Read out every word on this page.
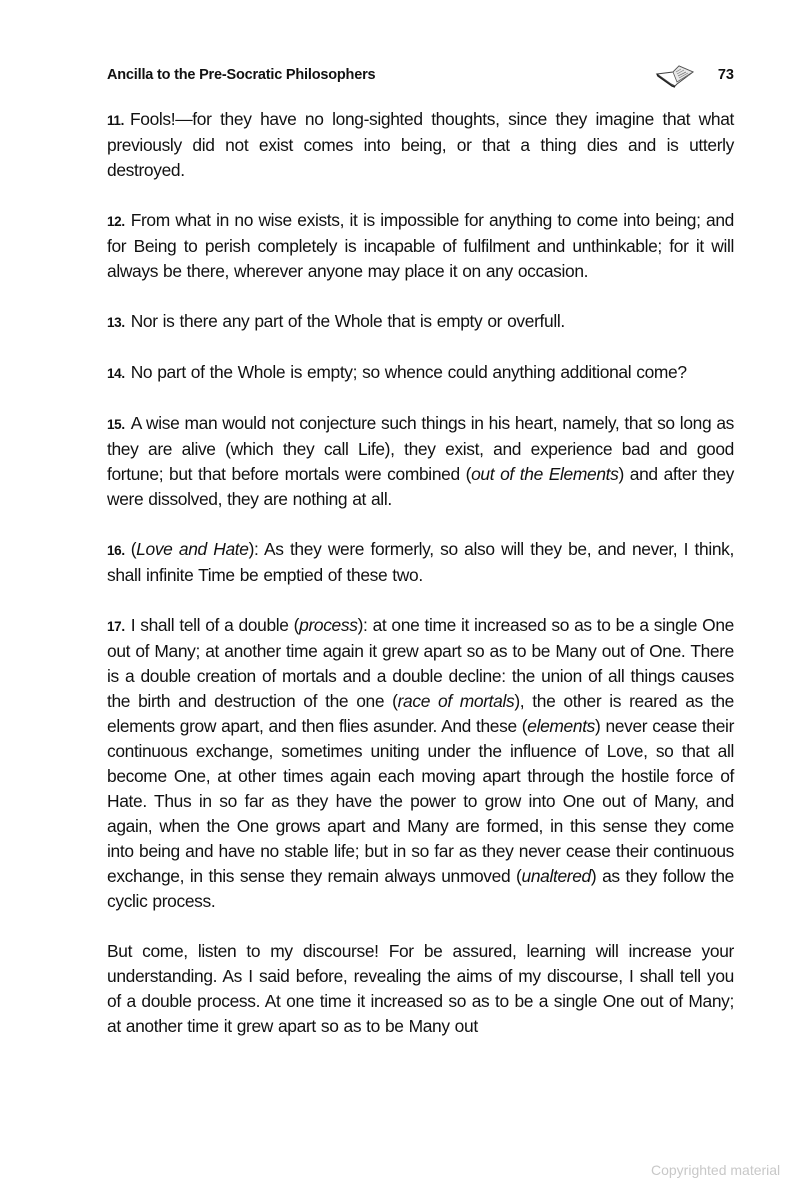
Ancilla to the Pre-Socratic Philosophers	73

11. Fools!—for they have no long-sighted thoughts, since they imagine that what previously did not exist comes into being, or that a thing dies and is utterly destroyed.

12. From what in no wise exists, it is impossible for anything to come into being; and for Being to perish completely is incapable of fulfilment and unthinkable; for it will always be there, wherever anyone may place it on any occasion.

13. Nor is there any part of the Whole that is empty or overfull.

14. No part of the Whole is empty; so whence could anything additional come?

15. A wise man would not conjecture such things in his heart, namely, that so long as they are alive (which they call Life), they exist, and experience bad and good fortune; but that before mortals were combined (out of the Elements) and after they were dissolved, they are nothing at all.

16. (Love and Hate): As they were formerly, so also will they be, and never, I think, shall infinite Time be emptied of these two.

17. I shall tell of a double (process): at one time it increased so as to be a single One out of Many; at another time again it grew apart so as to be Many out of One. There is a double creation of mortals and a double decline: the union of all things causes the birth and destruction of the one (race of mortals), the other is reared as the elements grow apart, and then flies asunder. And these (elements) never cease their continuous exchange, sometimes uniting under the influence of Love, so that all become One, at other times again each moving apart through the hostile force of Hate. Thus in so far as they have the power to grow into One out of Many, and again, when the One grows apart and Many are formed, in this sense they come into being and have no stable life; but in so far as they never cease their continuous exchange, in this sense they remain always unmoved (unaltered) as they follow the cyclic process.

But come, listen to my discourse! For be assured, learning will increase your understanding. As I said before, revealing the aims of my discourse, I shall tell you of a double process. At one time it increased so as to be a single One out of Many; at another time it grew apart so as to be Many out

Copyrighted material
